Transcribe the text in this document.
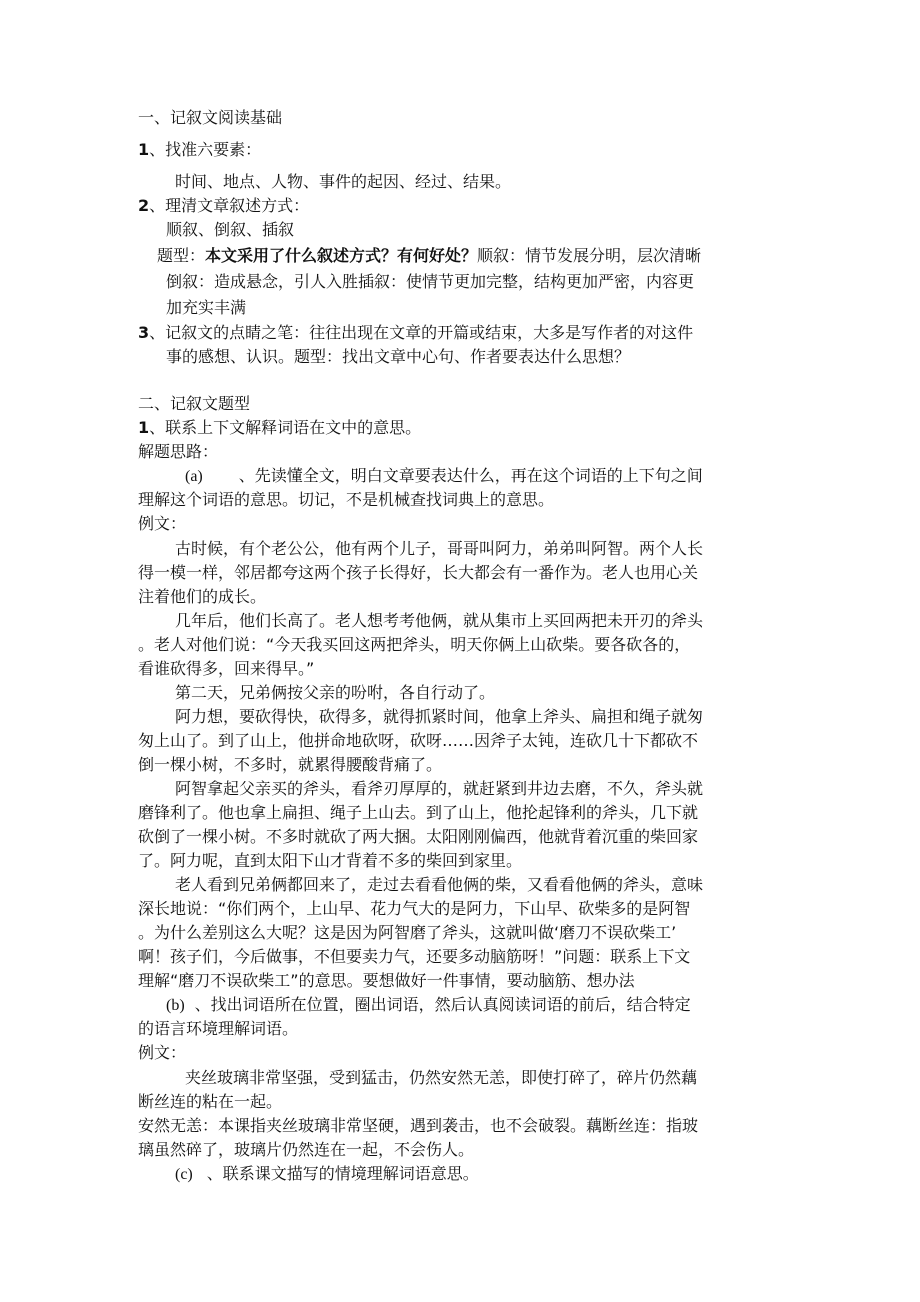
一、记叙文阅读基础
1、找准六要素：
时间、地点、人物、事件的起因、经过、结果。
2、理清文章叙述方式：
顺叙、倒叙、插叙
题型：本文采用了什么叙述方式？有何好处？顺叙：情节发展分明，层次清晰
倒叙：造成悬念，引人入胜插叙：使情节更加完整，结构更加严密，内容更
加充实丰满
3、记叙文的点睛之笔：往往出现在文章的开篇或结束，大多是写作者的对这件
事的感想、认识。题型：找出文章中心句、作者要表达什么思想？
二、记叙文题型
1、联系上下文解释词语在文中的意思。
解题思路：
(a) 、先读懂全文，明白文章要表达什么，再在这个词语的上下句之间
理解这个词语的意思。切记，不是机械查找词典上的意思。
例文：
古时候，有个老公公，他有两个儿子，哥哥叫阿力，弟弟叫阿智。两个人长
得一模一样，邻居都夸这两个孩子长得好，长大都会有一番作为。老人也用心关
注着他们的成长。
几年后，他们长高了。老人想考考他俩，就从集市上买回两把未开刃的斧头
。老人对他们说：“今天我买回这两把斧头，明天你俩上山砍柴。要各砍各的，
看谁砍得多，回来得早。”
第二天，兄弟俩按父亲的吩咐，各自行动了。
阿力想，要砍得快，砍得多，就得抓紧时间，他拿上斧头、扁担和绳子就匆
匆上山了。到了山上，他拼命地砍呀，砍呀……因斧子太钝，连砍几十下都砍不
倒一棵小树，不多时，就累得腰酸背痛了。
阿智拿起父亲买的斧头，看斧刃厚厚的，就赶紧到井边去磨，不久，斧头就
磨锋利了。他也拿上扁担、绳子上山去。到了山上，他抡起锋利的斧头，几下就
砍倒了一棵小树。不多时就砍了两大捆。太阳刚刚偏西，他就背着沉重的柴回家
了。阿力呢，直到太阳下山才背着不多的柴回到家里。
老人看到兄弟俩都回来了，走过去看看他俩的柴，又看看他俩的斧头，意味
深长地说：“你们两个，上山早、花力气大的是阿力，下山早、砍柴多的是阿智
。为什么差别这么大呢？这是因为阿智磨了斧头，这就叫做‘磨刀不误砍柴工’
啊！孩子们，今后做事，不但要卖力气，还要多动脑筋呀！”问题：联系上下文
理解“磨刀不误砍柴工”的意思。要想做好一件事情，要动脑筋、想办法
(b) 、找出词语所在位置，圈出词语，然后认真阅读词语的前后，结合特定
的语言环境理解词语。
例文：
夹丝玻璃非常坚强，受到猛击，仍然安然无恙，即使打碎了，碎片仍然藕
断丝连的粘在一起。
安然无恙：本课指夹丝玻璃非常坚硬，遇到袭击，也不会破裂。藕断丝连：指玻
璃虽然碎了，玻璃片仍然连在一起，不会伤人。
(c) 、联系课文描写的情境理解词语意思。
